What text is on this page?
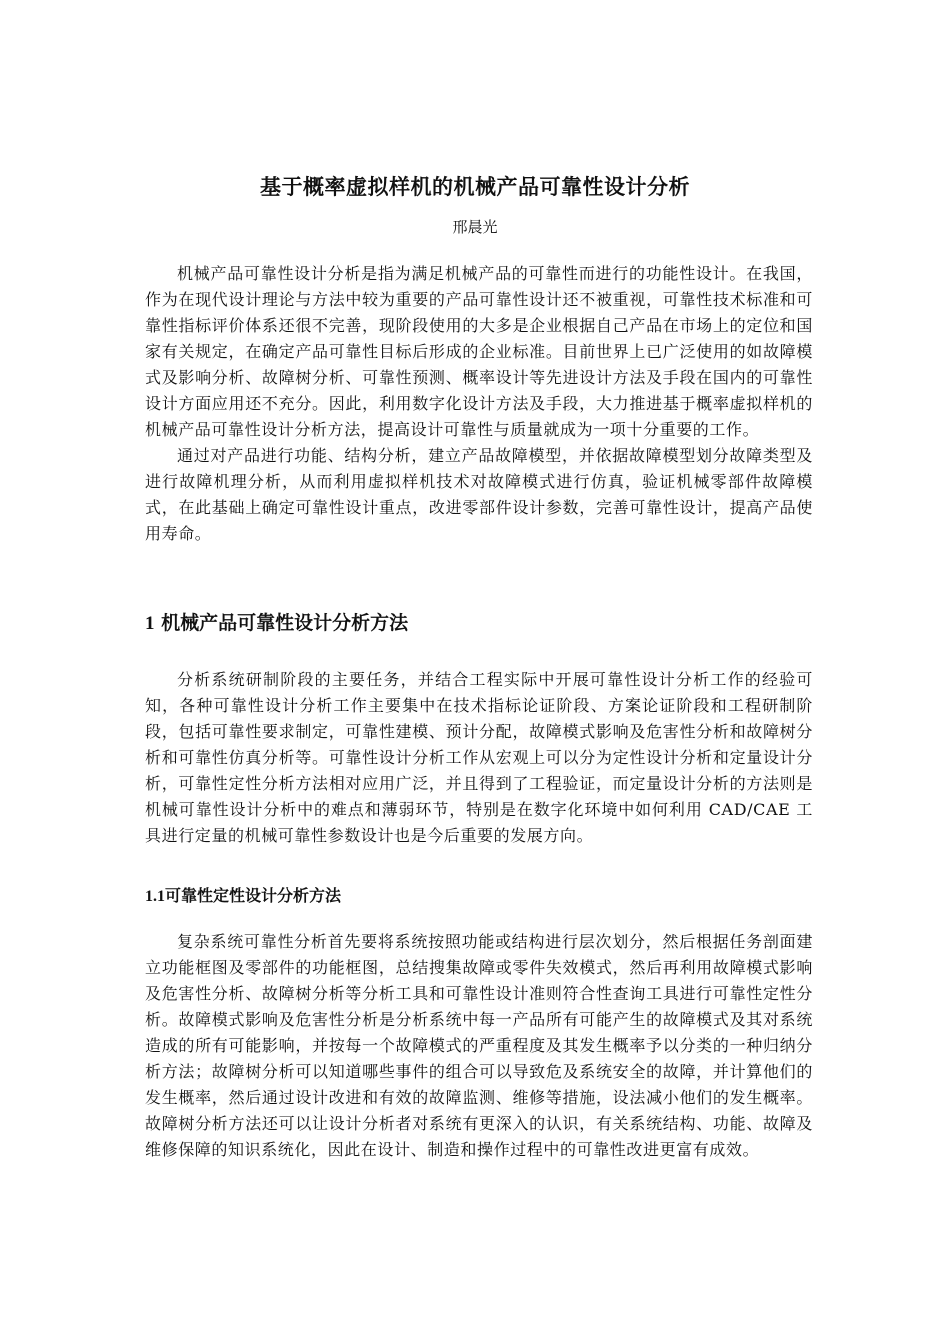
基于概率虚拟样机的机械产品可靠性设计分析
邢晨光

机械产品可靠性设计分析是指为满足机械产品的可靠性而进行的功能性设计。在我国，作为在现代设计理论与方法中较为重要的产品可靠性设计还不被重视，可靠性技术标准和可靠性指标评价体系还很不完善，现阶段使用的大多是企业根据自己产品在市场上的定位和国家有关规定，在确定产品可靠性目标后形成的企业标准。目前世界上已广泛使用的如故障模式及影响分析、故障树分析、可靠性预测、概率设计等先进设计方法及手段在国内的可靠性设计方面应用还不充分。因此，利用数字化设计方法及手段，大力推进基于概率虚拟样机的机械产品可靠性设计分析方法，提高设计可靠性与质量就成为一项十分重要的工作。

通过对产品进行功能、结构分析，建立产品故障模型，并依据故障模型划分故障类型及进行故障机理分析，从而利用虚拟样机技术对故障模式进行仿真，验证机械零部件故障模式，在此基础上确定可靠性设计重点，改进零部件设计参数，完善可靠性设计，提高产品使用寿命。

1 机械产品可靠性设计分析方法

分析系统研制阶段的主要任务，并结合工程实际中开展可靠性设计分析工作的经验可知，各种可靠性设计分析工作主要集中在技术指标论证阶段、方案论证阶段和工程研制阶段，包括可靠性要求制定，可靠性建模、预计分配，故障模式影响及危害性分析和故障树分析和可靠性仿真分析等。可靠性设计分析工作从宏观上可以分为定性设计分析和定量设计分析，可靠性定性分析方法相对应用广泛，并且得到了工程验证，而定量设计分析的方法则是机械可靠性设计分析中的难点和薄弱环节，特别是在数字化环境中如何利用 CAD/CAE 工具进行定量的机械可靠性参数设计也是今后重要的发展方向。

1.1可靠性定性设计分析方法

复杂系统可靠性分析首先要将系统按照功能或结构进行层次划分，然后根据任务剖面建立功能框图及零部件的功能框图，总结搜集故障或零件失效模式，然后再利用故障模式影响及危害性分析、故障树分析等分析工具和可靠性设计准则符合性查询工具进行可靠性定性分析。故障模式影响及危害性分析是分析系统中每一产品所有可能产生的故障模式及其对系统造成的所有可能影响，并按每一个故障模式的严重程度及其发生概率予以分类的一种归纳分析方法；故障树分析可以知道哪些事件的组合可以导致危及系统安全的故障，并计算他们的发生概率，然后通过设计改进和有效的故障监测、维修等措施，设法减小他们的发生概率。故障树分析方法还可以让设计分析者对系统有更深入的认识，有关系统结构、功能、故障及维修保障的知识系统化，因此在设计、制造和操作过程中的可靠性改进更富有成效。
